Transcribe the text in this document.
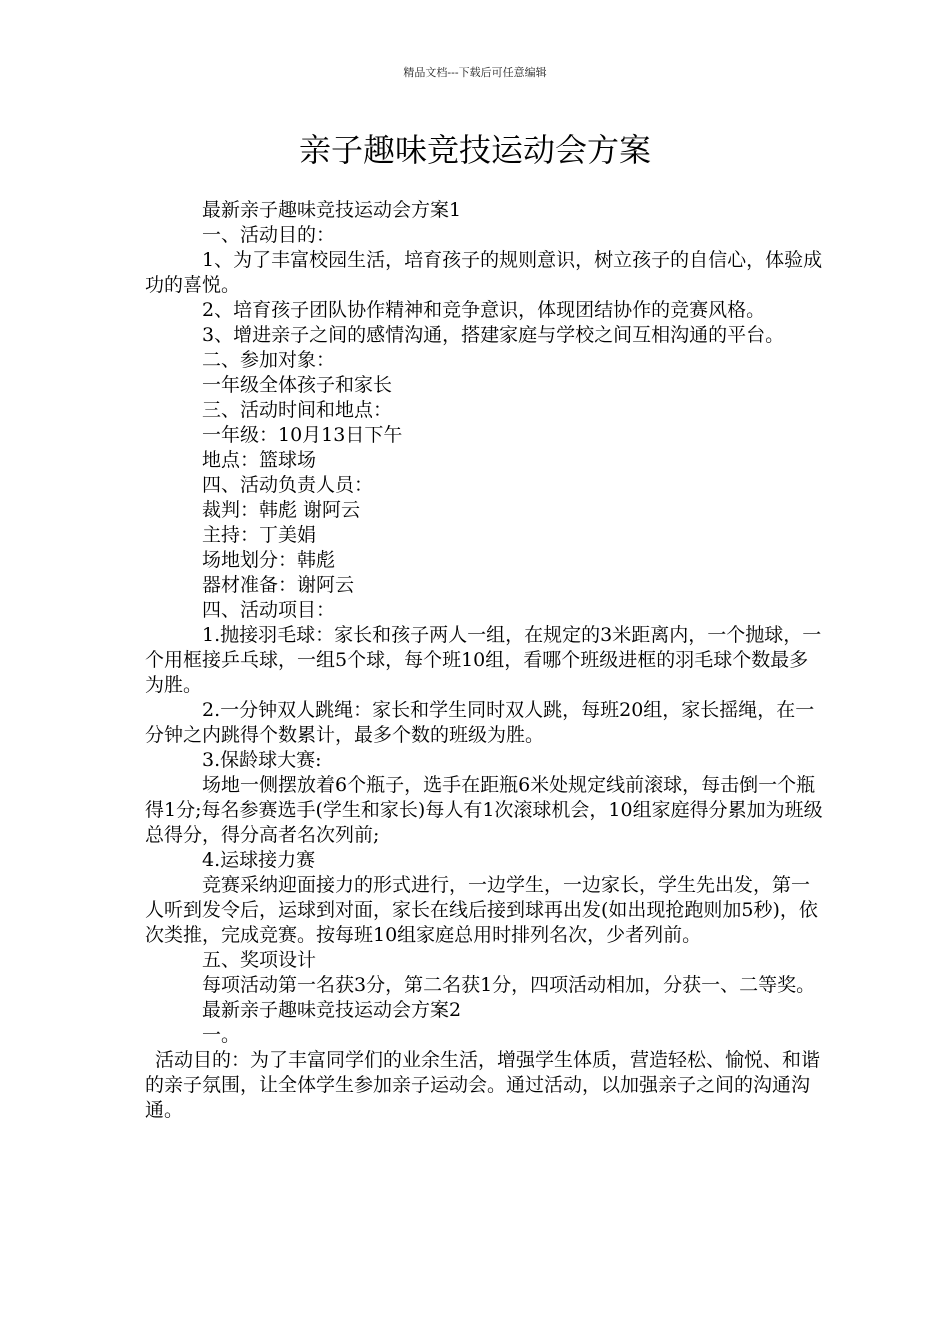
精品文档---下载后可任意编辑
亲子趣味竞技运动会方案

最新亲子趣味竞技运动会方案1

一、活动目的：

1、为了丰富校园生活，培育孩子的规则意识，树立孩子的自信心，体验成功的喜悦。

2、培育孩子团队协作精神和竞争意识，体现团结协作的竞赛风格。

3、增进亲子之间的感情沟通，搭建家庭与学校之间互相沟通的平台。

二、参加对象：

一年级全体孩子和家长

三、活动时间和地点：

一年级：10月13日下午

地点：篮球场

四、活动负责人员：

裁判：韩彪 谢阿云

主持：丁美娟

场地划分：韩彪

器材准备：谢阿云

四、活动项目：

1.抛接羽毛球：家长和孩子两人一组，在规定的3米距离内，一个抛球，一个用框接乒乓球，一组5个球，每个班10组，看哪个班级进框的羽毛球个数最多为胜。

2.一分钟双人跳绳：家长和学生同时双人跳，每班20组，家长摇绳，在一分钟之内跳得个数累计，最多个数的班级为胜。

3.保龄球大赛:

场地一侧摆放着6个瓶子，选手在距瓶6米处规定线前滚球，每击倒一个瓶得1分;每名参赛选手(学生和家长)每人有1次滚球机会，10组家庭得分累加为班级总得分，得分高者名次列前;

4.运球接力赛

竞赛采纳迎面接力的形式进行，一边学生，一边家长，学生先出发，第一人听到发令后，运球到对面，家长在线后接到球再出发(如出现抢跑则加5秒)，依次类推，完成竞赛。按每班10组家庭总用时排列名次，少者列前。

五、奖项设计

每项活动第一名获3分，第二名获1分，四项活动相加，分获一、二等奖。

最新亲子趣味竞技运动会方案2

一。

活动目的：为了丰富同学们的业余生活，增强学生体质，营造轻松、愉悦、和谐的亲子氛围，让全体学生参加亲子运动会。通过活动，以加强亲子之间的沟通沟通。
